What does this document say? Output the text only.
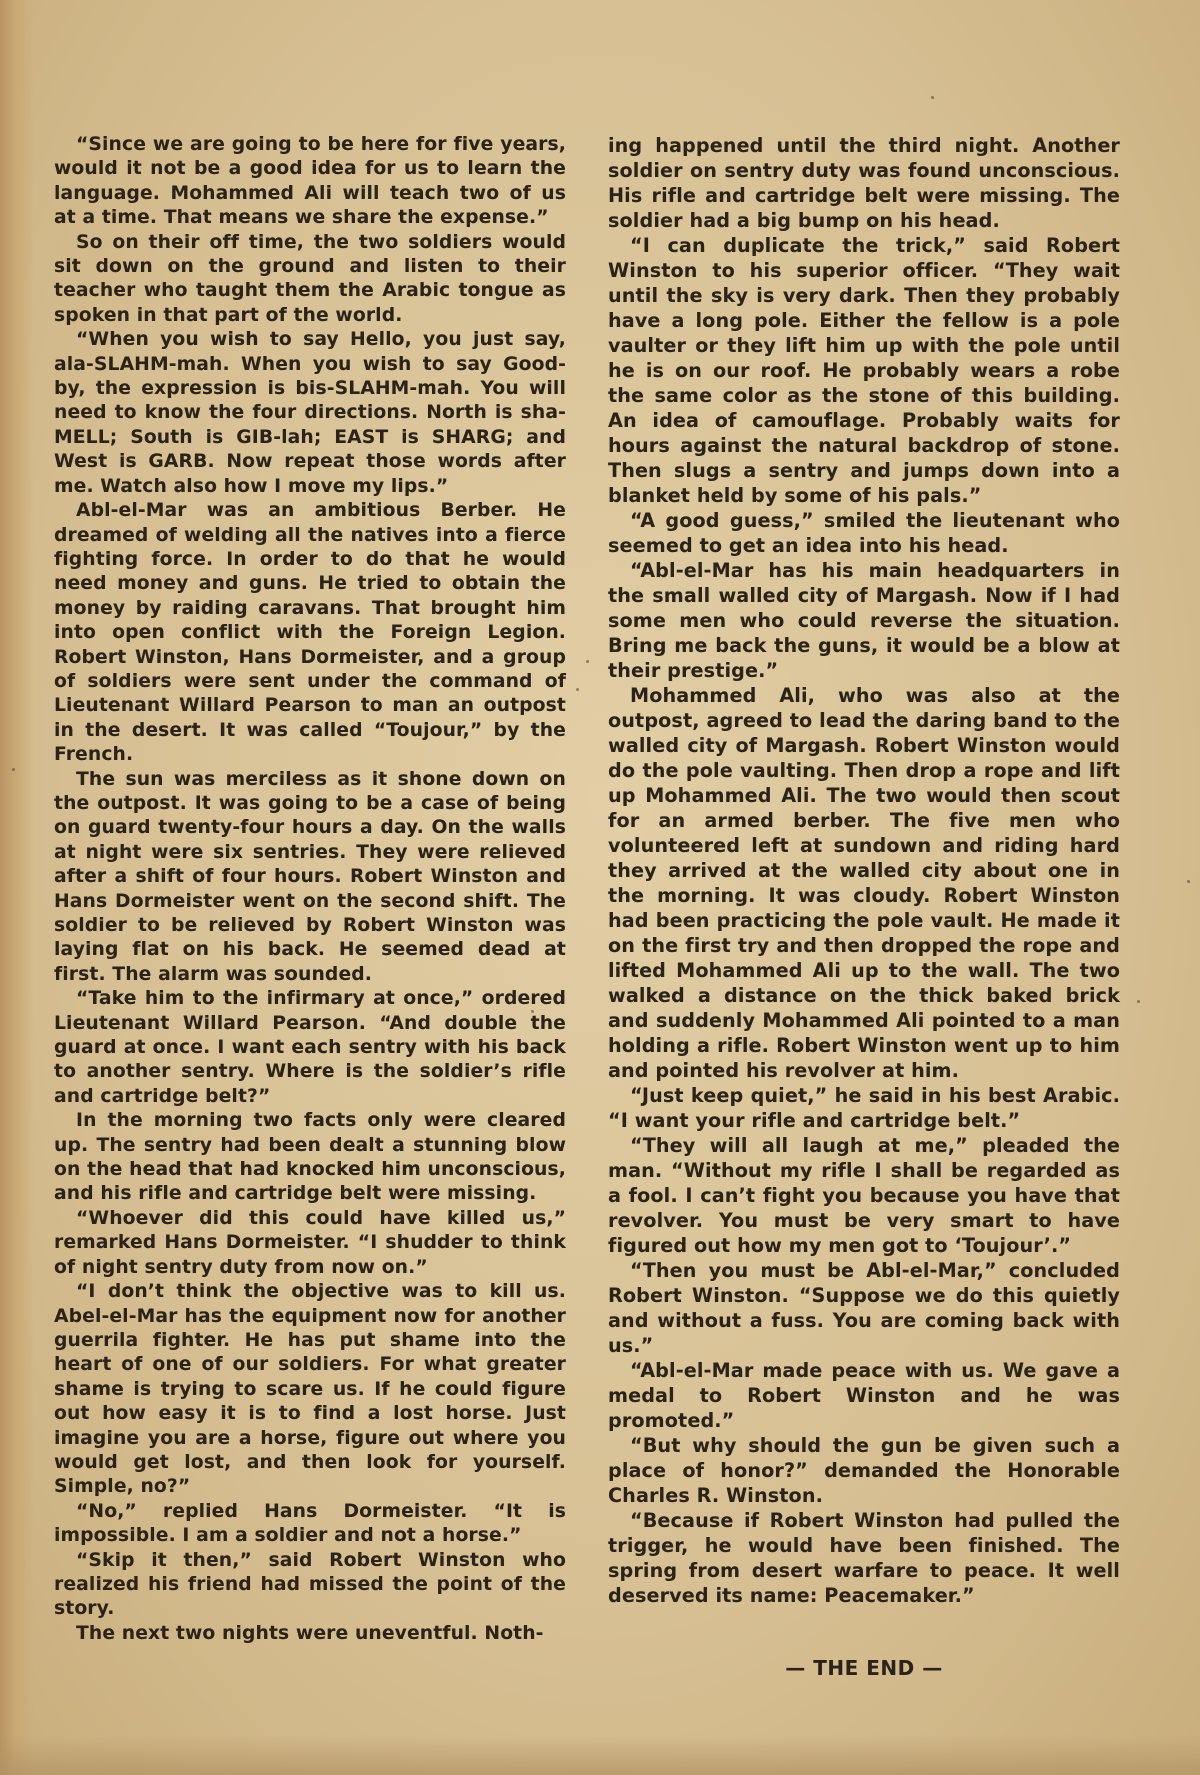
“Since we are going to be here for five years, would it not be a good idea for us to learn the language. Mohammed Ali will teach two of us at a time. That means we share the expense.”

So on their off time, the two soldiers would sit down on the ground and listen to their teacher who taught them the Arabic tongue as spoken in that part of the world.

“When you wish to say Hello, you just say, ala-SLAHM-mah. When you wish to say Good-by, the expression is bis-SLAHM-mah. You will need to know the four directions. North is sha-MELL; South is GIB-lah; EAST is SHARG; and West is GARB. Now repeat those words after me. Watch also how I move my lips.”

Abl-el-Mar was an ambitious Berber. He dreamed of welding all the natives into a fierce fighting force. In order to do that he would need money and guns. He tried to obtain the money by raiding caravans. That brought him into open conflict with the Foreign Legion. Robert Winston, Hans Dormeister, and a group of soldiers were sent under the command of Lieutenant Willard Pearson to man an outpost in the desert. It was called “Toujour,” by the French.

The sun was merciless as it shone down on the outpost. It was going to be a case of being on guard twenty-four hours a day. On the walls at night were six sentries. They were relieved after a shift of four hours. Robert Winston and Hans Dormeister went on the second shift. The soldier to be relieved by Robert Winston was laying flat on his back. He seemed dead at first. The alarm was sounded.

“Take him to the infirmary at once,” ordered Lieutenant Willard Pearson. “And double the guard at once. I want each sentry with his back to another sentry. Where is the soldier’s rifle and cartridge belt?”

In the morning two facts only were cleared up. The sentry had been dealt a stunning blow on the head that had knocked him unconscious, and his rifle and cartridge belt were missing.

“Whoever did this could have killed us,” remarked Hans Dormeister. “I shudder to think of night sentry duty from now on.”

“I don’t think the objective was to kill us. Abel-el-Mar has the equipment now for another guerrila fighter. He has put shame into the heart of one of our soldiers. For what greater shame is trying to scare us. If he could figure out how easy it is to find a lost horse. Just imagine you are a horse, figure out where you would get lost, and then look for yourself. Simple, no?”

“No,” replied Hans Dormeister. “It is impossible. I am a soldier and not a horse.”

“Skip it then,” said Robert Winston who realized his friend had missed the point of the story.

The next two nights were uneventful. Noth-

ing happened until the third night. Another soldier on sentry duty was found unconscious. His rifle and cartridge belt were missing. The soldier had a big bump on his head.

“I can duplicate the trick,” said Robert Winston to his superior officer. “They wait until the sky is very dark. Then they probably have a long pole. Either the fellow is a pole vaulter or they lift him up with the pole until he is on our roof. He probably wears a robe the same color as the stone of this building. An idea of camouflage. Probably waits for hours against the natural backdrop of stone. Then slugs a sentry and jumps down into a blanket held by some of his pals.”

“A good guess,” smiled the lieutenant who seemed to get an idea into his head.

“Abl-el-Mar has his main headquarters in the small walled city of Margash. Now if I had some men who could reverse the situation. Bring me back the guns, it would be a blow at their prestige.”

Mohammed Ali, who was also at the outpost, agreed to lead the daring band to the walled city of Margash. Robert Winston would do the pole vaulting. Then drop a rope and lift up Mohammed Ali. The two would then scout for an armed berber. The five men who volunteered left at sundown and riding hard they arrived at the walled city about one in the morning. It was cloudy. Robert Winston had been practicing the pole vault. He made it on the first try and then dropped the rope and lifted Mohammed Ali up to the wall. The two walked a distance on the thick baked brick and suddenly Mohammed Ali pointed to a man holding a rifle. Robert Winston went up to him and pointed his revolver at him.

“Just keep quiet,” he said in his best Arabic. “I want your rifle and cartridge belt.”

“They will all laugh at me,” pleaded the man. “Without my rifle I shall be regarded as a fool. I can’t fight you because you have that revolver. You must be very smart to have figured out how my men got to ‘Toujour’.”

“Then you must be Abl-el-Mar,” concluded Robert Winston. “Suppose we do this quietly and without a fuss. You are coming back with us.”

“Abl-el-Mar made peace with us. We gave a medal to Robert Winston and he was promoted.”

“But why should the gun be given such a place of honor?” demanded the Honorable Charles R. Winston.

“Because if Robert Winston had pulled the trigger, he would have been finished. The spring from desert warfare to peace. It well deserved its name: Peacemaker.”

— THE END —
